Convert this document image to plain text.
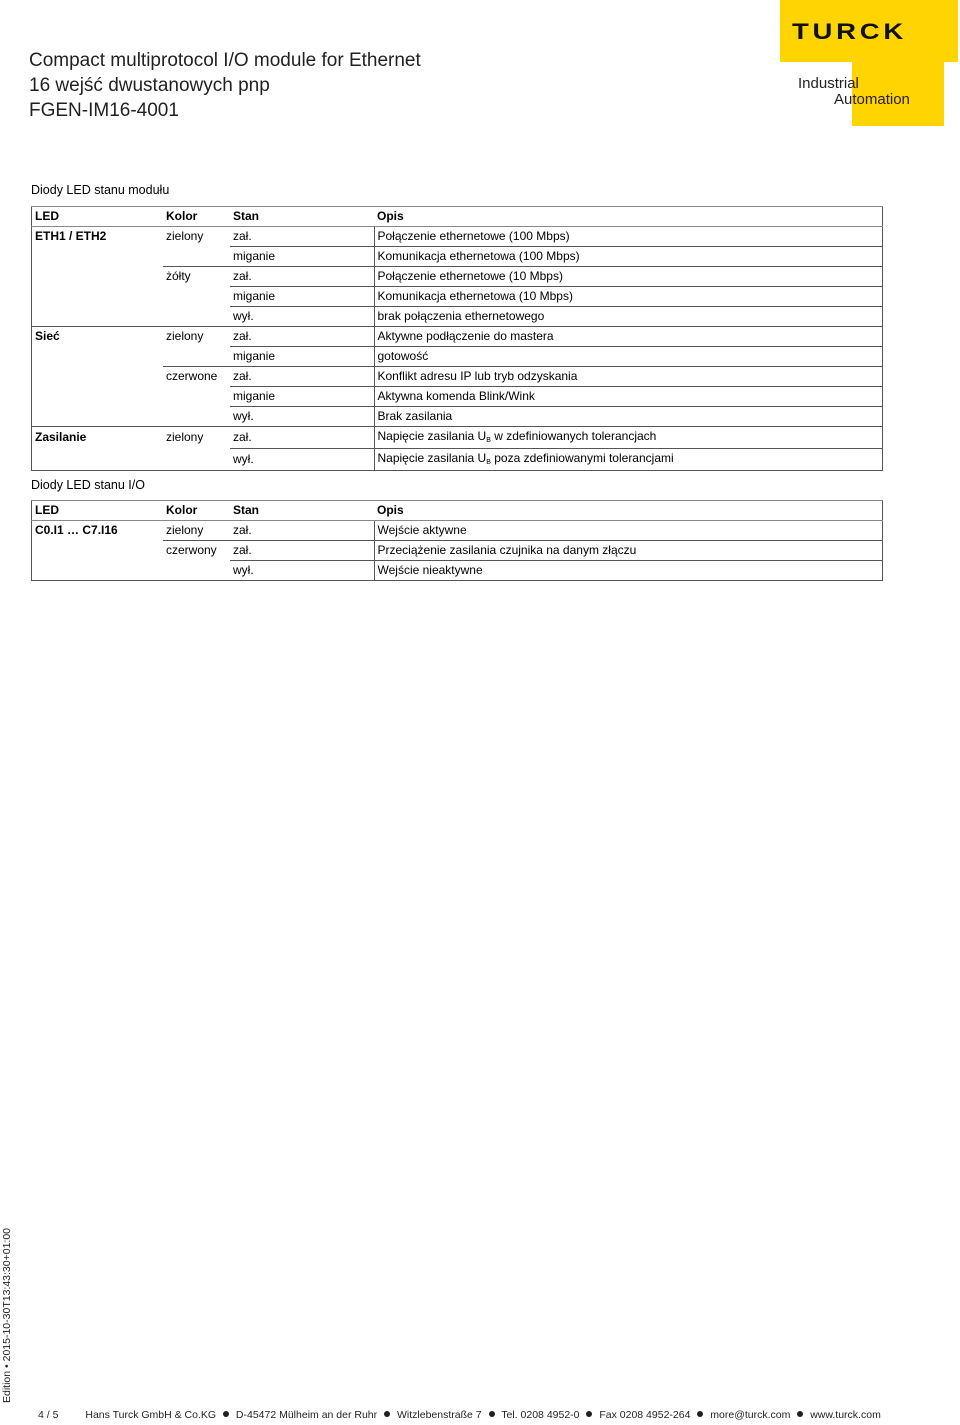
Compact multiprotocol I/O module for Ethernet
16 wejść dwustanowych pnp
FGEN-IM16-4001
TURCK
Industrial
Automation
Diody LED stanu modułu
LED	Kolor	Stan	Opis
ETH1 / ETH2	zielony	zał.	Połączenie ethernetowe (100 Mbps)
		miganie	Komunikacja ethernetowa (100 Mbps)
	żółty	zał.	Połączenie ethernetowe (10 Mbps)
		miganie	Komunikacja ethernetowa (10 Mbps)
		wył.	brak połączenia ethernetowego
Sieć	zielony	zał.	Aktywne podłączenie do mastera
		miganie	gotowość
	czerwone	zał.	Konflikt adresu IP lub tryb odzyskania
		miganie	Aktywna komenda Blink/Wink
		wył.	Brak zasilania
Zasilanie	zielony	zał.	Napięcie zasilania $U_B$ w zdefiniowanych tolerancjach
		wył.	Napięcie zasilania $U_B$ poza zdefiniowanymi tolerancjami
Diody LED stanu I/O
LED	Kolor	Stan	Opis
C0.I1 … C7.I16	zielony	zał.	Wejście aktywne
	czerwony	zał.	Przeciążenie zasilania czujnika na danym złączu
		wył.	Wejście nieaktywne
Edition • 2015-10-30T13:43:30+01:00
4 / 5	Hans Turck GmbH & Co.KG D-45472 Mülheim an der Ruhr Witzlebenstraße 7 Tel. 0208 4952-0 Fax 0208 4952-264 more@turck.com www.turck.com
